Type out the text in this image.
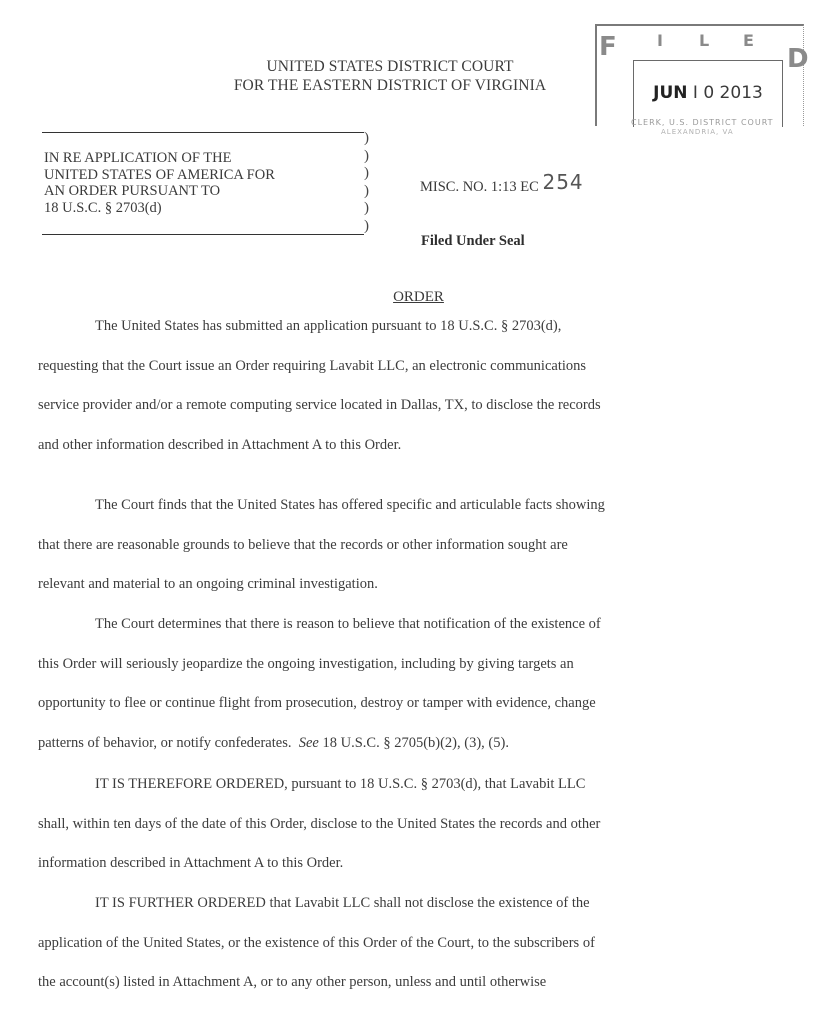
UNITED STATES DISTRICT COURT
FOR THE EASTERN DISTRICT OF VIRGINIA
F	I L E
D
JUN I 0 2013
CLERK, U.S. DISTRICT COURT
ALEXANDRIA, VA
IN RE APPLICATION OF THE
UNITED STATES OF AMERICA FOR
AN ORDER PURSUANT TO
18 U.S.C. § 2703(d)
)
)
)
)
)
)
MISC. NO. 1:13 EC 254
Filed Under Seal
ORDER
The United States has submitted an application pursuant to 18 U.S.C. § 2703(d),
requesting that the Court issue an Order requiring Lavabit LLC, an electronic communications
service provider and/or a remote computing service located in Dallas, TX, to disclose the records
and other information described in Attachment A to this Order.
The Court finds that the United States has offered specific and articulable facts showing
that there are reasonable grounds to believe that the records or other information sought are
relevant and material to an ongoing criminal investigation.
The Court determines that there is reason to believe that notification of the existence of
this Order will seriously jeopardize the ongoing investigation, including by giving targets an
opportunity to flee or continue flight from prosecution, destroy or tamper with evidence, change
patterns of behavior, or notify confederates. See 18 U.S.C. § 2705(b)(2), (3), (5).
IT IS THEREFORE ORDERED, pursuant to 18 U.S.C. § 2703(d), that Lavabit LLC
shall, within ten days of the date of this Order, disclose to the United States the records and other
information described in Attachment A to this Order.
IT IS FURTHER ORDERED that Lavabit LLC shall not disclose the existence of the
application of the United States, or the existence of this Order of the Court, to the subscribers of
the account(s) listed in Attachment A, or to any other person, unless and until otherwise
